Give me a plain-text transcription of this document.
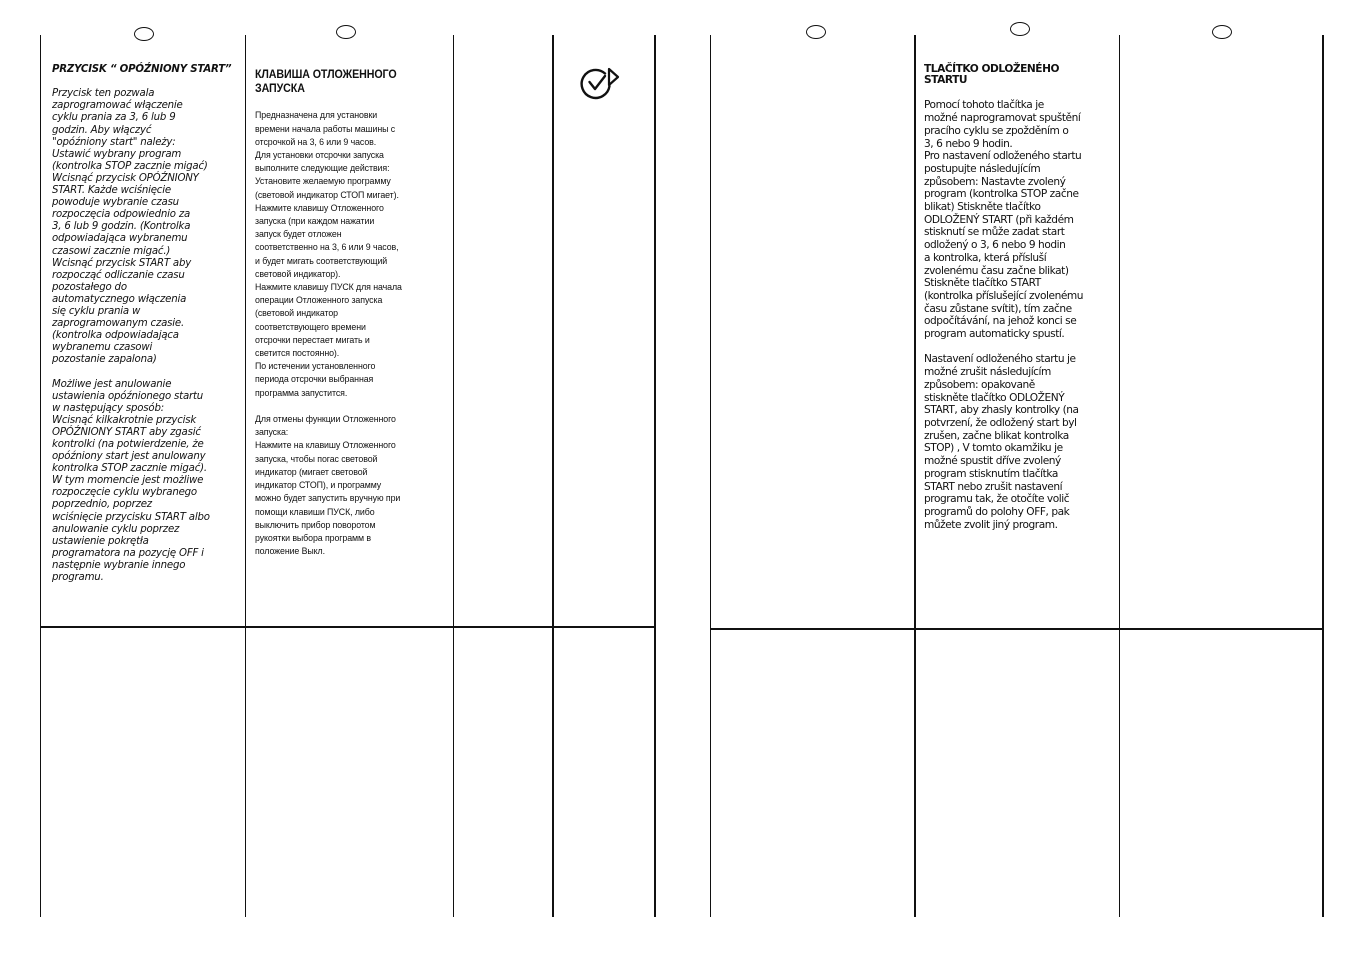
PRZYCISK “ OPÓŹNIONY START”

Przycisk ten pozwala
zaprogramować włączenie
cyklu prania za 3, 6 lub 9
godzin. Aby włączyć
"opóźniony start" należy:
Ustawić wybrany program
(kontrolka STOP zacznie migać)
Wcisnąć przycisk OPÓŹNIONY
START. Każde wciśnięcie
powoduje wybranie czasu
rozpoczęcia odpowiednio za
3, 6 lub 9 godzin. (Kontrolka
odpowiadająca wybranemu
czasowi zacznie migać.)
Wcisnąć przycisk START aby
rozpocząć odliczanie czasu
pozostałego do
automatycznego włączenia
się cyklu prania w
zaprogramowanym czasie.
(kontrolka odpowiadająca
wybranemu czasowi
pozostanie zapalona)

Możliwe jest anulowanie
ustawienia opóźnionego startu
w następujący sposób:
Wcisnąć kilkakrotnie przycisk
OPÓŹNIONY START aby zgasić
kontrolki (na potwierdzenie, że
opóźniony start jest anulowany
kontrolka STOP zacznie migać).
W tym momencie jest możliwe
rozpoczęcie cyklu wybranego
poprzednio, poprzez
wciśnięcie przycisku START albo
anulowanie cyklu poprzez
ustawienie pokrętła
programatora na pozycję OFF i
następnie wybranie innego
programu.

КЛАВИША ОТЛОЖЕННОГО
ЗАПУСКА

Предназначена для установки
времени начала работы машины с
отсрочкой на 3, 6 или 9 часов.
Для установки отсрочки запуска
выполните следующие действия:
Установите желаемую программу
(световой индикатор СТОП мигает).
Нажмите клавишу Отложенного
запуска (при каждом нажатии
запуск будет отложен
соответственно на 3, 6 или 9 часов,
и будет мигать соответствующий
световой индикатор).
Нажмите клавишу ПУСК для начала
операции Отложенного запуска
(световой индикатор
соответствующего времени
отсрочки перестает мигать и
светится постоянно).
По истечении установленного
периода отсрочки выбранная
программа запустится.

Для отмены функции Отложенного
запуска:
Нажмите на клавишу Отложенного
запуска, чтобы погас световой
индикатор (мигает световой
индикатор СТОП), и программу
можно будет запустить вручную при
помощи клавиши ПУСК, либо
выключить прибор поворотом
рукоятки выбора программ в
положение Выкл.

TLAČÍTKO ODLOŽENÉHO
STARTU

Pomocí tohoto tlačítka je
možné naprogramovat spuštění
pracího cyklu se zpožděním o
3, 6 nebo 9 hodin.
Pro nastavení odloženého startu
postupujte následujícím
způsobem: Nastavte zvolený
program (kontrolka STOP začne
blikat) Stiskněte tlačítko
ODLOŽENÝ START (při každém
stisknutí se může zadat start
odložený o 3, 6 nebo 9 hodin
a kontrolka, která přísluší
zvolenému času začne blikat)
Stiskněte tlačítko START
(kontrolka příslušející zvolenému
času zůstane svítit), tím začne
odpočítávání, na jehož konci se
program automaticky spustí.

Nastavení odloženého startu je
možné zrušit následujícím
způsobem: opakovaně
stiskněte tlačítko ODLOŽENÝ
START, aby zhasly kontrolky (na
potvrzení, že odložený start byl
zrušen, začne blikat kontrolka
STOP) , V tomto okamžiku je
možné spustit dříve zvolený
program stisknutím tlačítka
START nebo zrušit nastavení
programu tak, že otočíte volič
programů do polohy OFF, pak
můžete zvolit jiný program.
